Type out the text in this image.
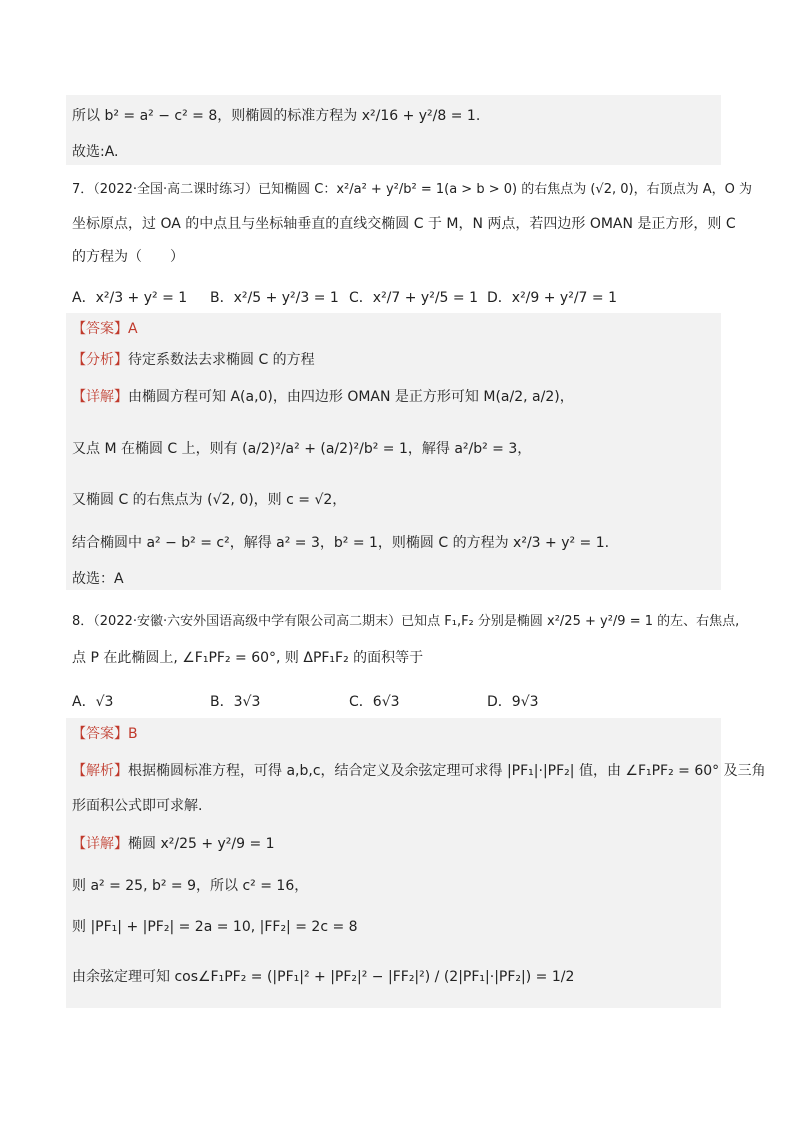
所以 b² = a² − c² = 8，则椭圆的标准方程为 x²/16 + y²/8 = 1.
故选:A.
7．（2022·全国·高二课时练习）已知椭圆 C：x²/a² + y²/b² = 1(a > b > 0) 的右焦点为 (√2, 0)，右顶点为 A，O 为
坐标原点，过 OA 的中点且与坐标轴垂直的直线交椭圆 C 于 M，N 两点，若四边形 OMAN 是正方形，则 C
的方程为（　　）
A．x²/3 + y² = 1 B．x²/5 + y²/3 = 1 C．x²/7 + y²/5 = 1 D．x²/9 + y²/7 = 1
【答案】A
【分析】待定系数法去求椭圆 C 的方程
【详解】由椭圆方程可知 A(a,0)，由四边形 OMAN 是正方形可知 M(a/2, a/2)，
又点 M 在椭圆 C 上，则有 (a/2)²/a² + (a/2)²/b² = 1，解得 a²/b² = 3，
又椭圆 C 的右焦点为 (√2, 0)，则 c = √2，
结合椭圆中 a² − b² = c²，解得 a² = 3，b² = 1，则椭圆 C 的方程为 x²/3 + y² = 1.
故选：A
8．（2022·安徽·六安外国语高级中学有限公司高二期末）已知点 F₁,F₂ 分别是椭圆 x²/25 + y²/9 = 1 的左、右焦点,
点 P 在此椭圆上, ∠F₁PF₂ = 60°, 则 ΔPF₁F₂ 的面积等于
A．√3	B．3√3	C．6√3	D．9√3
【答案】B
【解析】根据椭圆标准方程，可得 a,b,c，结合定义及余弦定理可求得 |PF₁|·|PF₂| 值，由 ∠F₁PF₂ = 60° 及三角
形面积公式即可求解.
【详解】椭圆 x²/25 + y²/9 = 1
则 a² = 25, b² = 9，所以 c² = 16，
则 |PF₁| + |PF₂| = 2a = 10, |FF₂| = 2c = 8
由余弦定理可知 cos∠F₁PF₂ = (|PF₁|² + |PF₂|² − |FF₂|²) / (2|PF₁|·|PF₂|) = 1/2
